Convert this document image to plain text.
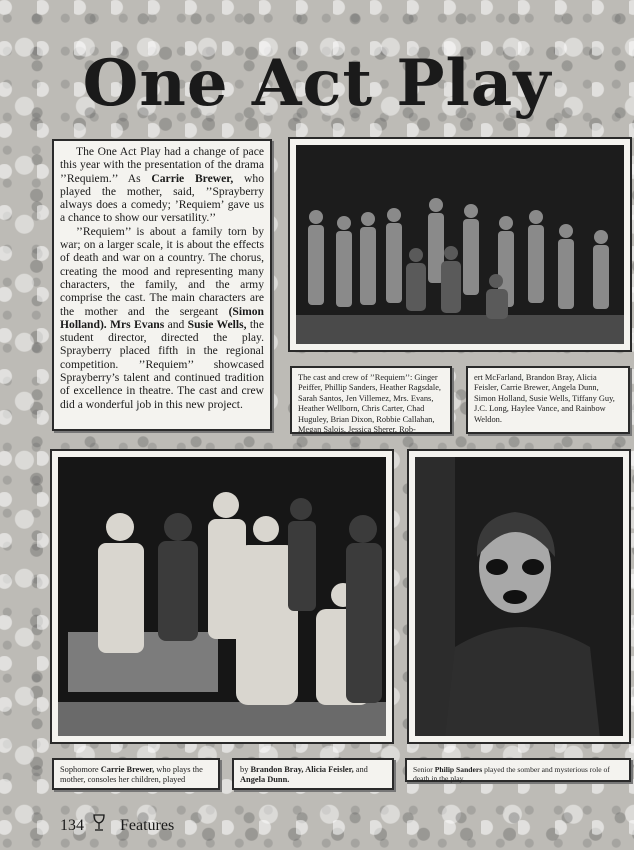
One Act Play

The One Act Play had a change of pace this year with the presentation of the drama ’’Requiem.’’ As Carrie Brewer, who played the mother, said, ’’Sprayberry always does a comedy; ’Requiem’ gave us a chance to show our versatility.’’

’’Requiem’’ is about a family torn by war; on a larger scale, it is about the effects of death and war on a country. The chorus, creating the mood and representing many characters, the family, and the army comprise the cast. The main characters are the mother and the sergeant (Simon Holland). Mrs Evans and Susie Wells, the student director, directed the play. Sprayberry placed fifth in the regional competition. ’’Requiem’’ showcased Sprayberry’s talent and continued tradition of excellence in theatre. The cast and crew did a wonderful job in this new project.

The cast and crew of ’’Requiem’’: Ginger Peiffer, Phillip Sanders, Heather Ragsdale, Sarah Santos, Jen Villemez, Mrs. Evans, Heather Wellborn, Chris Carter, Chad Huguley, Brian Dixon, Robbie Callahan, Megan Salois, Jessica Sherer, Rob-
ert McFarland, Brandon Bray, Alicia Feisler, Carrie Brewer, Angela Dunn, Simon Holland, Susie Wells, Tiffany Guy, J.C. Long, Haylee Vance, and Rainbow Weldon.
Sophomore Carrie Brewer, who plays the mother, consoles her children, played
by Brandon Bray, Alicia Feisler, and Angela Dunn.
Senior Philip Sanders played the somber and mysterious role of death in the play.
134 Features
